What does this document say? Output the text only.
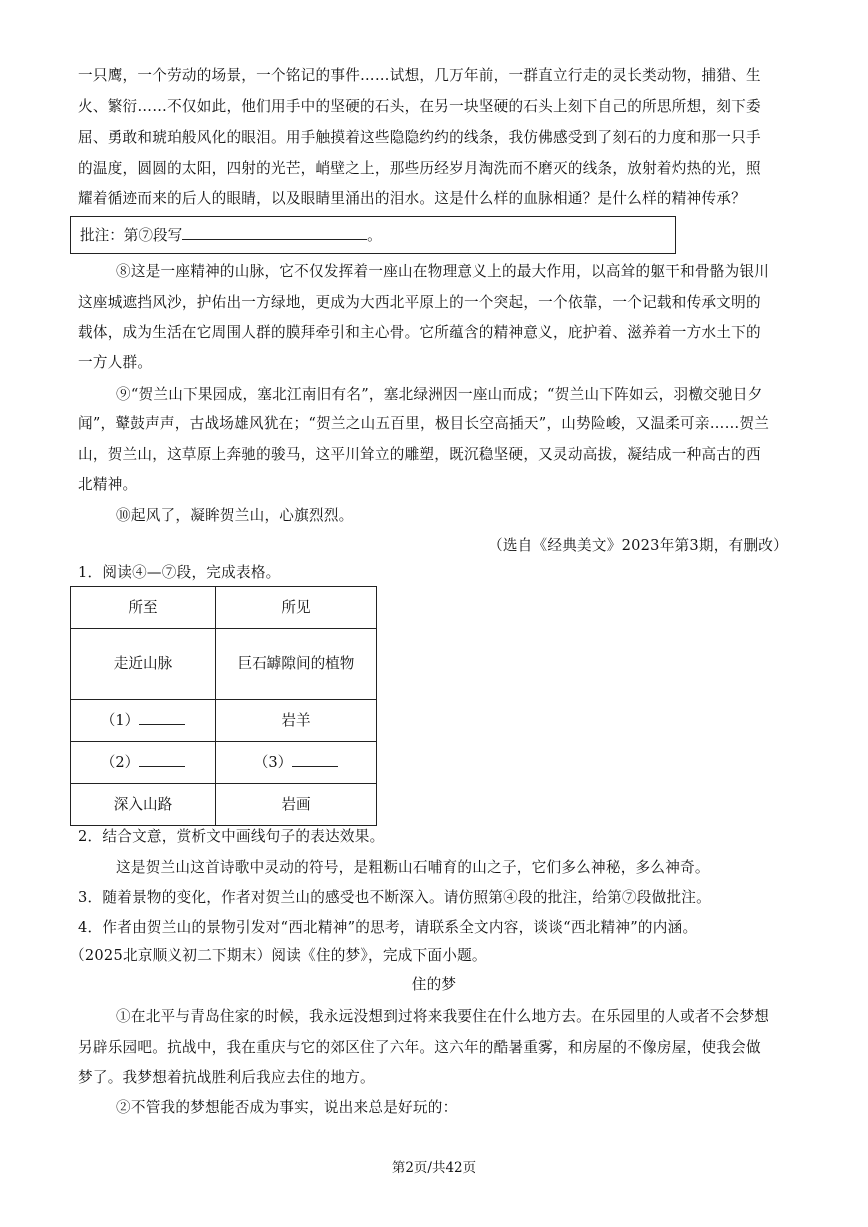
一只鹰，一个劳动的场景，一个铭记的事件……试想，几万年前，一群直立行走的灵长类动物，捕猎、生
火、繁衍……不仅如此，他们用手中的坚硬的石头，在另一块坚硬的石头上刻下自己的所思所想，刻下委
屈、勇敢和琥珀般风化的眼泪。用手触摸着这些隐隐约约的线条，我仿佛感受到了刻石的力度和那一只手
的温度，圆圆的太阳，四射的光芒，峭壁之上，那些历经岁月淘洗而不磨灭的线条，放射着灼热的光，照
耀着循迹而来的后人的眼睛，以及眼睛里涌出的泪水。这是什么样的血脉相通？是什么样的精神传承？
批注：第⑦段写	。
⑧这是一座精神的山脉，它不仅发挥着一座山在物理意义上的最大作用，以高耸的躯干和骨骼为银川
这座城遮挡风沙，护佑出一方绿地，更成为大西北平原上的一个突起，一个依靠，一个记载和传承文明的
载体，成为生活在它周围人群的膜拜牵引和主心骨。它所蕴含的精神意义，庇护着、滋养着一方水土下的
一方人群。
⑨“贺兰山下果园成，塞北江南旧有名”，塞北绿洲因一座山而成；“贺兰山下阵如云，羽檄交驰日夕
闻”，鼙鼓声声，古战场雄风犹在；“贺兰之山五百里，极目长空高插天”，山势险峻，又温柔可亲……贺兰
山，贺兰山，这草原上奔驰的骏马，这平川耸立的雕塑，既沉稳坚硬，又灵动高拔，凝结成一种高古的西
北精神。
⑩起风了，凝眸贺兰山，心旗烈烈。
（选自《经典美文》2023年第3期，有删改）
1．阅读④—⑦段，完成表格。
所至	所见
走近山脉	巨石罅隙间的植物
（1）	岩羊
（2）	（3）
深入山路	岩画
2．结合文意，赏析文中画线句子的表达效果。
这是贺兰山这首诗歌中灵动的符号，是粗粝山石哺育的山之子，它们多么神秘，多么神奇。
3．随着景物的变化，作者对贺兰山的感受也不断深入。请仿照第④段的批注，给第⑦段做批注。
4．作者由贺兰山的景物引发对“西北精神”的思考，请联系全文内容，谈谈“西北精神”的内涵。
（2025北京顺义初二下期末）阅读《住的梦》，完成下面小题。
住的梦
①在北平与青岛住家的时候，我永远没想到过将来我要住在什么地方去。在乐园里的人或者不会梦想
另辟乐园吧。抗战中，我在重庆与它的郊区住了六年。这六年的酷暑重雾，和房屋的不像房屋，使我会做
梦了。我梦想着抗战胜利后我应去住的地方。
②不管我的梦想能否成为事实，说出来总是好玩的：
第2页/共42页
